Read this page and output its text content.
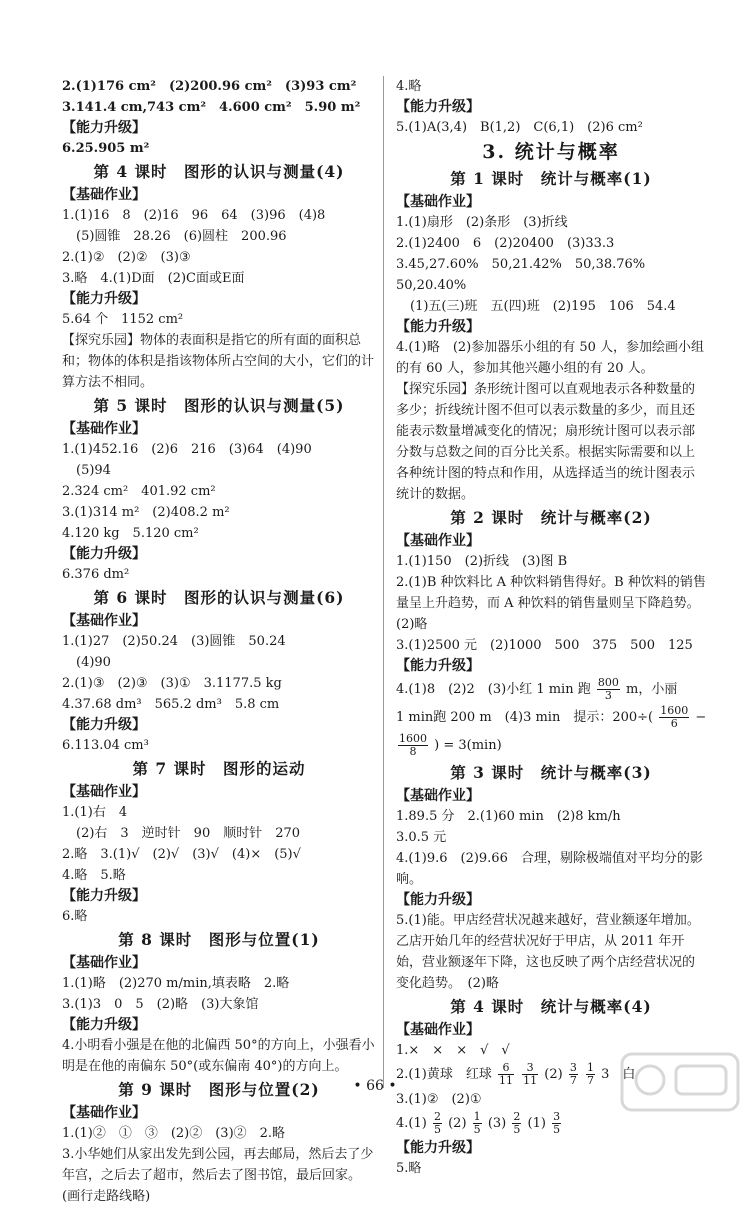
2.(1)176 cm²　(2)200.96 cm²　(3)93 cm²
3.141.4 cm,743 cm²　4.600 cm²　5.90 m²
【能力升级】
6.25.905 m²
第 4 课时　图形的认识与测量(4)
【基础作业】
1.(1)16　8　(2)16　96　64　(3)96　(4)8
(5)圆锥　28.26　(6)圆柱　200.96
2.(1)②　(2)②　(3)③
3.略　4.(1)D面　(2)C面或E面
【能力升级】
5.64 个　1152 cm²
【探究乐园】物体的表面积是指它的所有面的面积总和；物体的体积是指该物体所占空间的大小，它们的计算方法不相同。
第 5 课时　图形的认识与测量(5)
【基础作业】
1.(1)452.16　(2)6　216　(3)64　(4)90
(5)94
2.324 cm²　401.92 cm²
3.(1)314 m²　(2)408.2 m²
4.120 kg　5.120 cm²
【能力升级】
6.376 dm²
第 6 课时　图形的认识与测量(6)
【基础作业】
1.(1)27　(2)50.24　(3)圆锥　50.24
(4)90
2.(1)③　(2)③　(3)①　3.1177.5 kg
4.37.68 dm³　565.2 dm³　5.8 cm
【能力升级】
6.113.04 cm³
第 7 课时　图形的运动
【基础作业】
1.(1)右　4
(2)右　3　逆时针　90　顺时针　270
2.略　3.(1)√　(2)√　(3)√　(4)×　(5)√
4.略　5.略
【能力升级】
6.略
第 8 课时　图形与位置(1)
【基础作业】
1.(1)略　(2)270 m/min,填表略　2.略
3.(1)3　0　5　(2)略　(3)大象馆
【能力升级】
4.小明看小强是在他的北偏西 50°的方向上，小强看小明是在他的南偏东 50°(或东偏南 40°)的方向上。
第 9 课时　图形与位置(2)
【基础作业】
1.(1)②　①　③　(2)②　(3)②　2.略
3.小华她们从家出发先到公园，再去邮局，然后去了少年宫，之后去了超市，然后去了图书馆，最后回家。(画行走路线略)
4.略
【能力升级】
5.(1)A(3,4)　B(1,2)　C(6,1)　(2)6 cm²
3. 统计与概率
第 1 课时　统计与概率(1)
【基础作业】
1.(1)扇形　(2)条形　(3)折线
2.(1)2400　6　(2)20400　(3)33.3
3.45,27.60%　50,21.42%　50,38.76%　50,20.40%
(1)五(三)班　五(四)班　(2)195　106　54.4
【能力升级】
4.(1)略　(2)参加器乐小组的有 50 人，参加绘画小组的有 60 人，参加其他兴趣小组的有 20 人。
【探究乐园】条形统计图可以直观地表示各种数量的多少；折线统计图不但可以表示数量的多少，而且还能表示数量增减变化的情况；扇形统计图可以表示部分数与总数之间的百分比关系。根据实际需要和以上各种统计图的特点和作用，从选择适当的统计图表示统计的数据。
第 2 课时　统计与概率(2)
【基础作业】
1.(1)150　(2)折线　(3)图 B
2.(1)B 种饮料比 A 种饮料销售得好。B 种饮料的销售量呈上升趋势，而 A 种饮料的销售量则呈下降趋势。　(2)略
3.(1)2500 元　(2)1000　500　375　500　125
【能力升级】
4.(1)8　(2)2　(3)小红 1 min 跑 $\frac{800}{3}$ m，小丽
1 min跑 200 m　(4)3 min　提示：$200\div( \frac{1600}{6}$ −
$\frac{1600}{8}$ ) = 3(min)
第 3 课时　统计与概率(3)
【基础作业】
1.89.5 分　2.(1)60 min　(2)8 km/h
3.0.5 元
4.(1)9.6　(2)9.66　合理，剔除极端值对平均分的影响。
【能力升级】
5.(1)能。甲店经营状况越来越好，营业额逐年增加。乙店开始几年的经营状况好于甲店，从 2011 年开始，营业额逐年下降，这也反映了两个店经营状况的变化趋势。　(2)略
第 4 课时　统计与概率(4)
【基础作业】
1.×　×　×　√　√
2.(1)黄球　红球 $\frac{6}{11}$
$\frac{3}{11} (2) \frac{3}{7}$
$\frac{1}{7} 3$　白
3.(1)②　(2)①
$4.(1) \frac{2}{5} (2) \frac{1}{5} (3) \frac{2}{5} (1) \frac{3}{5}$
【能力升级】
5.略
• 66 •
